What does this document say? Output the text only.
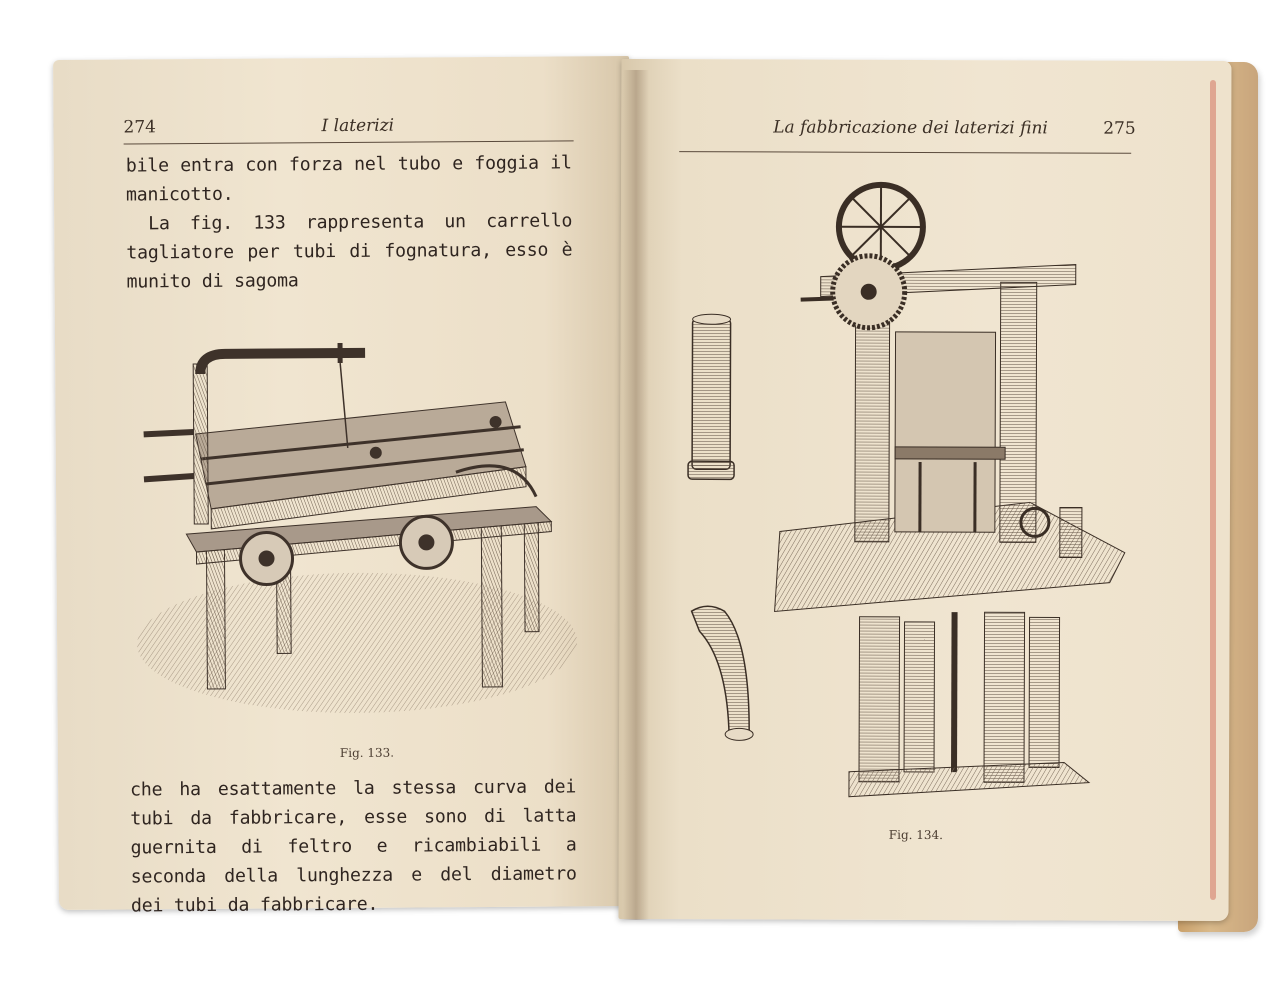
274	I laterizi
bile entra con forza nel tubo e foggia il manicotto.
La fig. 133 rappresenta un carrello tagliatore per tubi di fognatura, esso è munito di sagoma
Fig. 133.
che ha esattamente la stessa curva dei tubi da fabbricare, esse sono di latta guernita di feltro e ricambiabili a seconda della lunghezza e del diametro dei tubi da fabbricare.
La fabbricazione dei laterizi fini	275
Fig. 134.
